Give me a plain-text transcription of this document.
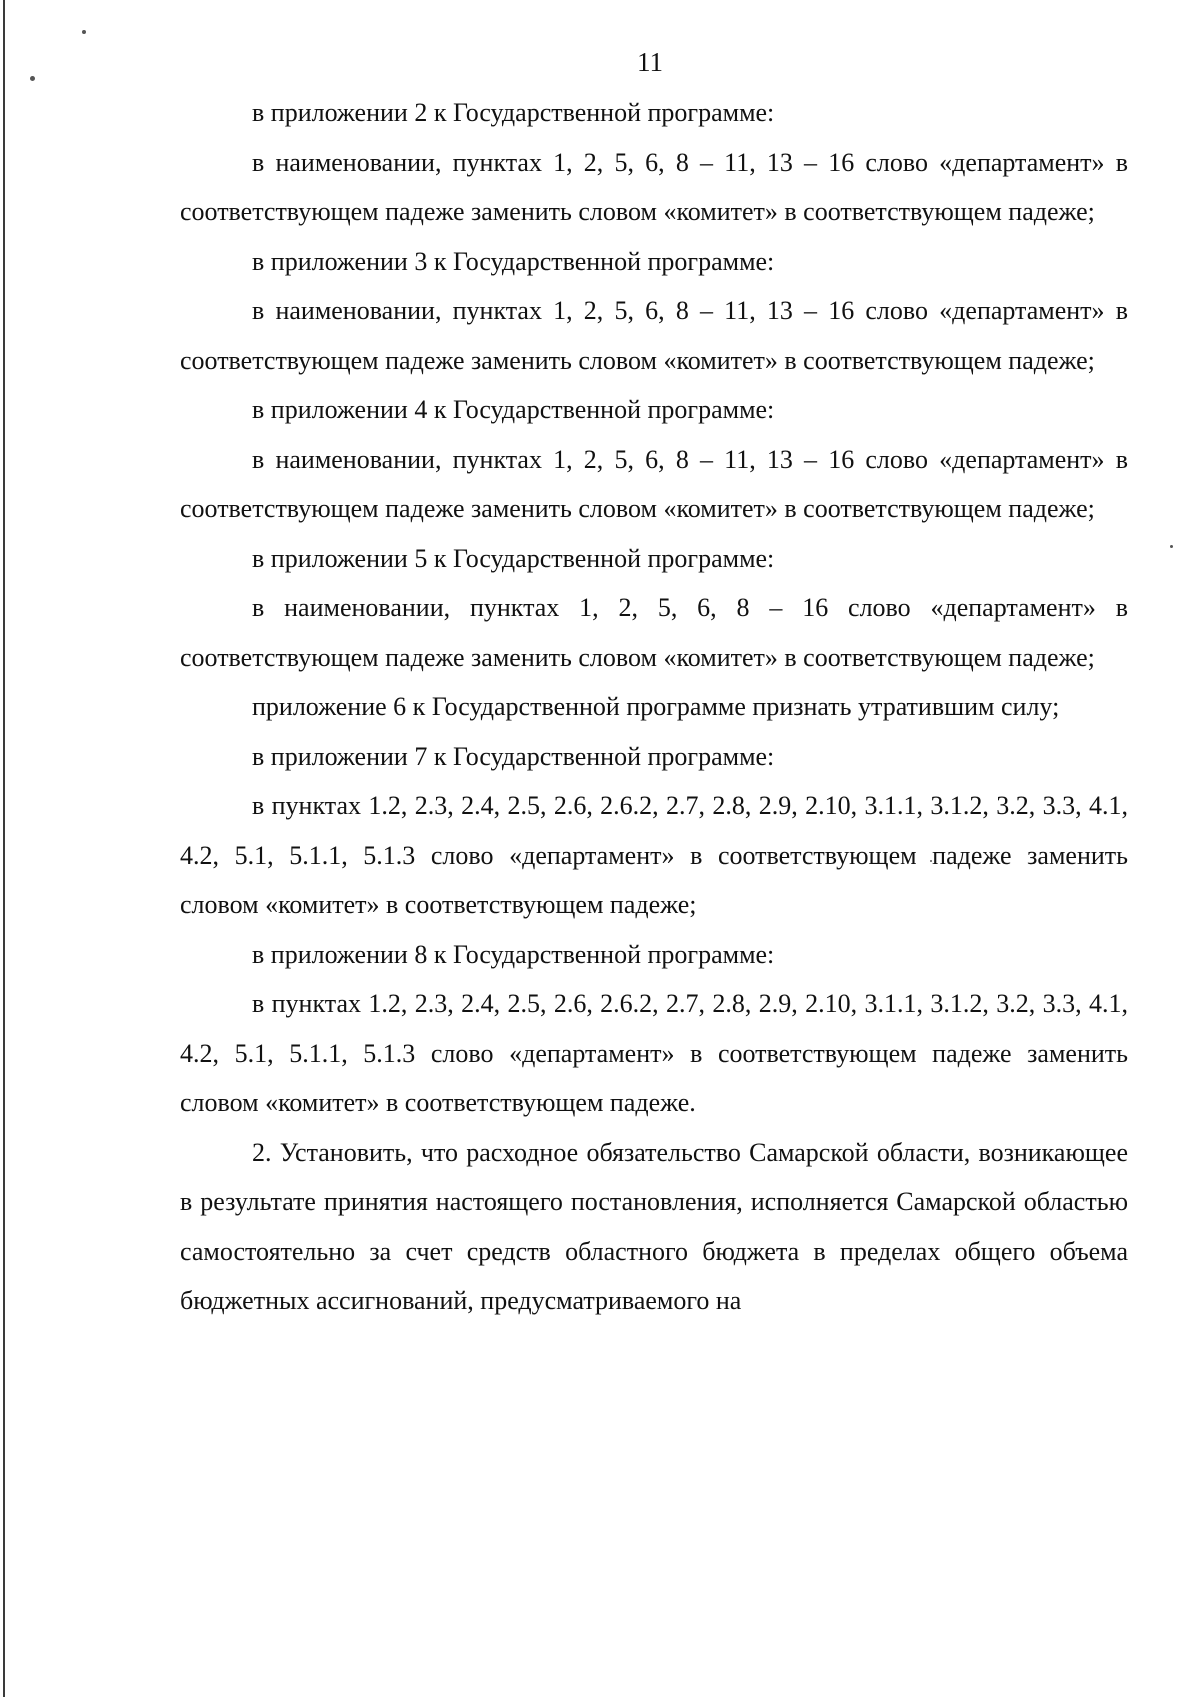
11

в приложении 2 к Государственной программе:

в наименовании, пунктах 1, 2, 5, 6, 8 – 11, 13 – 16 слово «департамент» в соответствующем падеже заменить словом «комитет» в соответствующем падеже;

в приложении 3 к Государственной программе:

в наименовании, пунктах 1, 2, 5, 6, 8 – 11, 13 – 16 слово «департамент» в соответствующем падеже заменить словом «комитет» в соответствующем падеже;

в приложении 4 к Государственной программе:

в наименовании, пунктах 1, 2, 5, 6, 8 – 11, 13 – 16 слово «департамент» в соответствующем падеже заменить словом «комитет» в соответствующем падеже;

в приложении 5 к Государственной программе:

в наименовании, пунктах 1, 2, 5, 6, 8 – 16 слово «департамент» в соответствующем падеже заменить словом «комитет» в соответствующем падеже;

приложение 6 к Государственной программе признать утратившим силу;

в приложении 7 к Государственной программе:

в пунктах 1.2, 2.3, 2.4, 2.5, 2.6, 2.6.2, 2.7, 2.8, 2.9, 2.10, 3.1.1, 3.1.2, 3.2, 3.3, 4.1, 4.2, 5.1, 5.1.1, 5.1.3 слово «департамент» в соответствующем падеже заменить словом «комитет» в соответствующем падеже;

в приложении 8 к Государственной программе:

в пунктах 1.2, 2.3, 2.4, 2.5, 2.6, 2.6.2, 2.7, 2.8, 2.9, 2.10, 3.1.1, 3.1.2, 3.2, 3.3, 4.1, 4.2, 5.1, 5.1.1, 5.1.3 слово «департамент» в соответствующем падеже заменить словом «комитет» в соответствующем падеже.

2. Установить, что расходное обязательство Самарской области, возникающее в результате принятия настоящего постановления, исполняется Самарской областью самостоятельно за счет средств областного бюджета в пределах общего объема бюджетных ассигнований, предусматриваемого на
